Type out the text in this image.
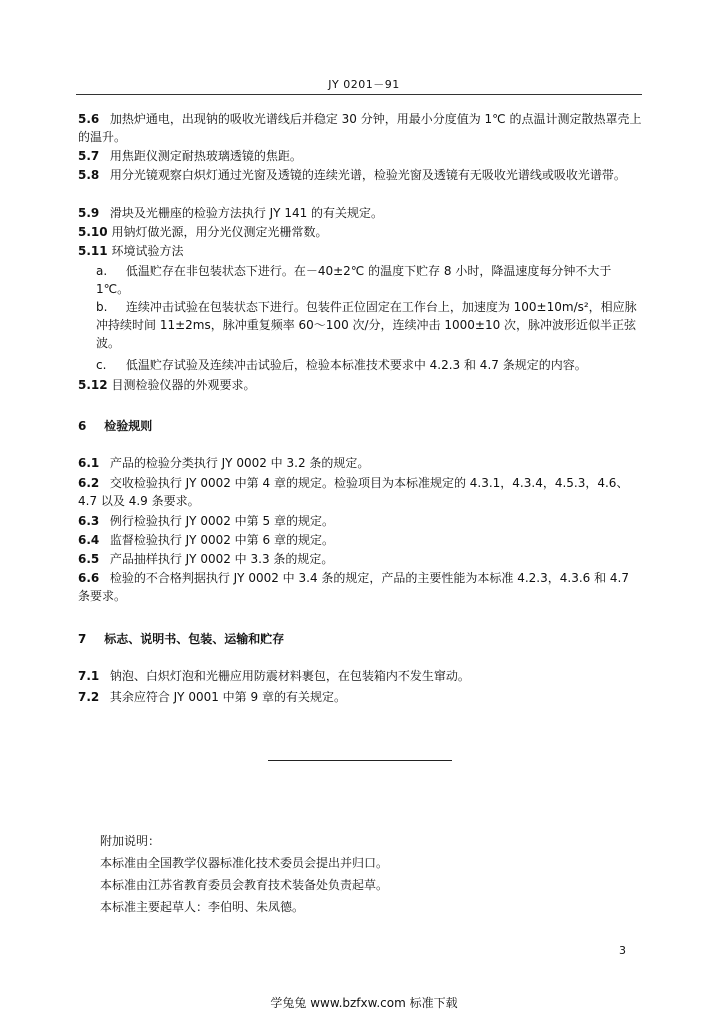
JY 0201－91
5.6 加热炉通电，出现钠的吸收光谱线后并稳定 30 分钟，用最小分度值为 1℃ 的点温计测定散热罩壳上的温升。
5.7 用焦距仪测定耐热玻璃透镜的焦距。
5.8 用分光镜观察白炽灯通过光窗及透镜的连续光谱，检验光窗及透镜有无吸收光谱线或吸收光谱带。
5.9 滑块及光栅座的检验方法执行 JY 141 的有关规定。
5.10 用钠灯做光源，用分光仪测定光栅常数。
5.11 环境试验方法
a. 低温贮存在非包装状态下进行。在－40±2℃ 的温度下贮存 8 小时，降温速度每分钟不大于 1℃。
b. 连续冲击试验在包装状态下进行。包装件正位固定在工作台上，加速度为 100±10m/s²，相应脉冲持续时间 11±2ms，脉冲重复频率 60～100 次/分，连续冲击 1000±10 次，脉冲波形近似半正弦波。
c. 低温贮存试验及连续冲击试验后，检验本标准技术要求中 4.2.3 和 4.7 条规定的内容。
5.12 目测检验仪器的外观要求。
6 检验规则
6.1 产品的检验分类执行 JY 0002 中 3.2 条的规定。
6.2 交收检验执行 JY 0002 中第 4 章的规定。检验项目为本标准规定的 4.3.1，4.3.4，4.5.3，4.6、4.7 以及 4.9 条要求。
6.3 例行检验执行 JY 0002 中第 5 章的规定。
6.4 监督检验执行 JY 0002 中第 6 章的规定。
6.5 产品抽样执行 JY 0002 中 3.3 条的规定。
6.6 检验的不合格判据执行 JY 0002 中 3.4 条的规定，产品的主要性能为本标准 4.2.3，4.3.6 和 4.7 条要求。
7 标志、说明书、包装、运输和贮存
7.1 钠泡、白炽灯泡和光栅应用防震材料裹包，在包装箱内不发生窜动。
7.2 其余应符合 JY 0001 中第 9 章的有关规定。
附加说明：
本标准由全国教学仪器标准化技术委员会提出并归口。
本标准由江苏省教育委员会教育技术装备处负责起草。
本标准主要起草人：李伯明、朱凤德。
3
学兔兔 www.bzfxw.com 标准下载
